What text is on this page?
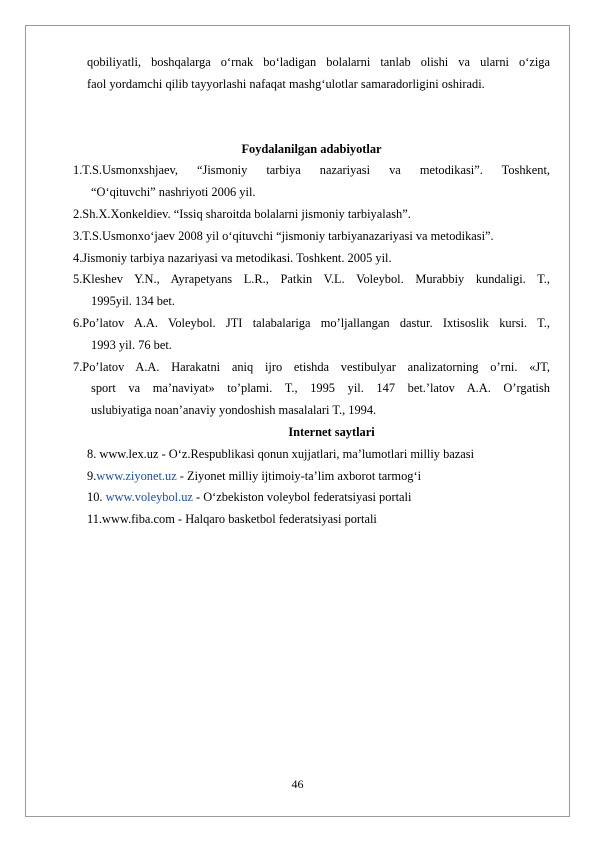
qobiliyatli, boshqalarga o‘rnak bo‘ladigan bolalarni tanlab olishi va ularni o‘ziga
faol yordamchi qilib tayyorlashi nafaqat mashg‘ulotlar samaradorligini oshiradi.
Foydalanilgan adabiyotlar
1. T.S.Usmonxshjaev, “Jismoniy tarbiya nazariyasi va metodikasi”. Toshkent,
“O‘qituvchi” nashriyoti 2006 yil.
2. Sh.X.Xonkeldiev. “Issiq sharoitda bolalarni jismoniy tarbiyalash”.
3. T.S.Usmonxo‘jaev 2008 yil o‘qituvchi “jismoniy tarbiyanazariyasi va metodikasi”.
4. Jismoniy tarbiya nazariyasi va metodikasi. Toshkent. 2005 yil.
5. Kleshev Y.N., Ayrapetyans L.R., Patkin V.L. Voleybol. Murabbiy kundaligi. T.,
1995yil. 134 bet.
6. Po’latov A.A. Voleybol. JTI talabalariga mo’ljallangan dastur. Ixtisoslik kursi. T.,
1993 yil. 76 bet.
7. Po’latov A.A. Harakatni aniq ijro etishda vestibulyar analizatorning o’rni. «JT,
sport va ma’naviyat» to’plami. T., 1995 yil. 147 bet.’latov A.A. O’rgatish
uslubiyatiga noan’anaviy yondoshish masalalari T., 1994.
Internet saytlari
8. www.lex.uz - O‘z.Respublikasi qonun xujjatlari, ma’lumotlari milliy bazasi
9.www.ziyonet.uz - Ziyonet milliy ijtimoiy-ta’lim axborot tarmog‘i
10. www.voleybol.uz - O‘zbekiston voleybol federatsiyasi portali
11.www.fiba.com - Halqaro basketbol federatsiyasi portali
46
